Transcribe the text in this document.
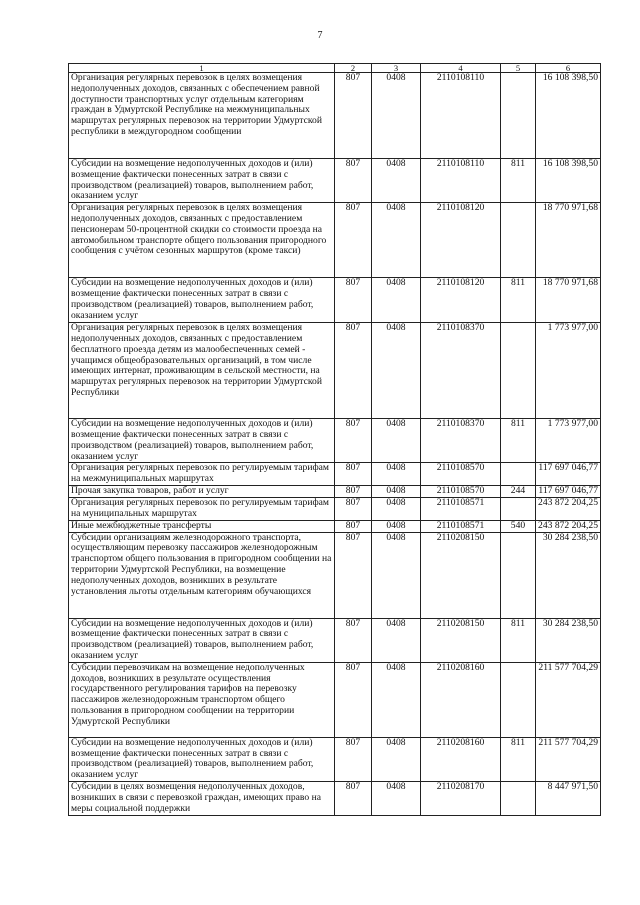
7
1	2	3	4	5	6
Организация регулярных перевозок в целях возмещения недополученных доходов, связанных с обеспечением равной доступности транспортных услуг отдельным категориям граждан в Удмуртской Республике на межмуниципальных маршрутах регулярных перевозок на территории Удмуртской республики в междугородном сообщении	807	0408	2110108110		16 108 398,50
Субсидии на возмещение недополученных доходов и (или) возмещение фактически понесенных затрат в связи с производством (реализацией) товаров, выполнением работ, оказанием услуг	807	0408	2110108110	811	16 108 398,50
Организация регулярных перевозок в целях возмещения недополученных доходов, связанных с предоставлением пенсионерам 50-процентной скидки со стоимости проезда на автомобильном транспорте общего пользования пригородного сообщения с учётом сезонных маршрутов (кроме такси)	807	0408	2110108120		18 770 971,68
Субсидии на возмещение недополученных доходов и (или) возмещение фактически понесенных затрат в связи с производством (реализацией) товаров, выполнением работ, оказанием услуг	807	0408	2110108120	811	18 770 971,68
Организация регулярных перевозок в целях возмещения недополученных доходов, связанных с предоставлением бесплатного проезда детям из малообеспеченных семей - учащимся общеобразовательных организаций, в том числе имеющих интернат, проживающим в сельской местности, на маршрутах регулярных перевозок на территории Удмуртской Республики	807	0408	2110108370		1 773 977,00
Субсидии на возмещение недополученных доходов и (или) возмещение фактически понесенных затрат в связи с производством (реализацией) товаров, выполнением работ, оказанием услуг	807	0408	2110108370	811	1 773 977,00
Организация регулярных перевозок по регулируемым тарифам на межмуниципальных маршрутах	807	0408	2110108570		117 697 046,77
Прочая закупка товаров, работ и услуг	807	0408	2110108570	244	117 697 046,77
Организация регулярных перевозок по регулируемым тарифам на муниципальных маршрутах	807	0408	2110108571		243 872 204,25
Иные межбюджетные трансферты	807	0408	2110108571	540	243 872 204,25
Субсидии организациям железнодорожного транспорта, осуществляющим перевозку пассажиров железнодорожным транспортом общего пользования в пригородном сообщении на территории Удмуртской Республики, на возмещение недополученных доходов, возникших в результате установления льготы отдельным категориям обучающихся	807	0408	2110208150		30 284 238,50
Субсидии на возмещение недополученных доходов и (или) возмещение фактически понесенных затрат в связи с производством (реализацией) товаров, выполнением работ, оказанием услуг	807	0408	2110208150	811	30 284 238,50
Субсидии перевозчикам на возмещение недополученных доходов, возникших в результате осуществления государственного регулирования тарифов на перевозку пассажиров железнодорожным транспортом общего пользования в пригородном сообщении на территории Удмуртской Республики	807	0408	2110208160		211 577 704,29
Субсидии на возмещение недополученных доходов и (или) возмещение фактически понесенных затрат в связи с производством (реализацией) товаров, выполнением работ, оказанием услуг	807	0408	2110208160	811	211 577 704,29
Субсидии в целях возмещения недополученных доходов, возникших в связи с перевозкой граждан, имеющих право на меры социальной поддержки	807	0408	2110208170		8 447 971,50
